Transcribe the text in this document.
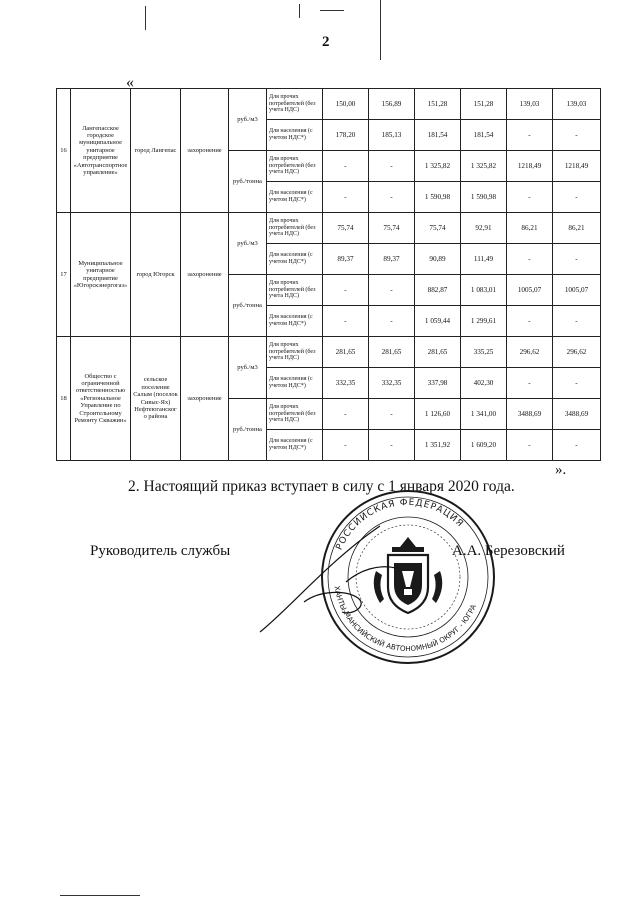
2
«
16	Лангепасское городское муниципальное унитарное предприятие «Автотранспортное управление»	город Лангепас	захоронение	руб./м3	Для прочих потребителей (без учета НДС)	150,00	156,89	151,28	151,28	139,03	139,03
					Для населения (с учетом НДС*)	178,20	185,13	181,54	181,54	-	-
				руб./тонна	Для прочих потребителей (без учета НДС)	-	-	1 325,82	1 325,82	1218,49	1218,49
					Для населения (с учетом НДС*)	-	-	1 590,98	1 590,98	-	-
17	Муниципальное унитарное предприятие «Югорскэнергогаз»	город Югорск	захоронение	руб./м3	Для прочих потребителей (без учета НДС)	75,74	75,74	75,74	92,91	86,21	86,21
					Для населения (с учетом НДС*)	89,37	89,37	90,89	111,49	-	-
				руб./тонна	Для прочих потребителей (без учета НДС)	-	-	882,87	1 083,01	1005,07	1005,07
					Для населения (с учетом НДС*)	-	-	1 059,44	1 299,61	-	-
18	Общество с ограниченной ответственностью «Региональное Управление по Строительному Ремонту Скважин»	сельское поселение Салым (поселок Сивыс-Ях) Нефтеюганского района	захоронение	руб./м3	Для прочих потребителей (без учета НДС)	281,65	281,65	281,65	335,25	296,62	296,62
					Для населения (с учетом НДС*)	332,35	332,35	337,98	402,30	-	-
				руб./тонна	Для прочих потребителей (без учета НДС)	-	-	1 126,60	1 341,00	3488,69	3488,69
					Для населения (с учетом НДС*)	-	-	1 351,92	1 609,20	-	-
».
2. Настоящий приказ вступает в силу с 1 января 2020 года.
РОССИЙСКАЯ ФЕДЕРАЦИЯ
ХАНТЫ-МАНСИЙСКИЙ АВТОНОМНЫЙ ОКРУГ - ЮГРА
Руководитель службы	А.А. Березовский
